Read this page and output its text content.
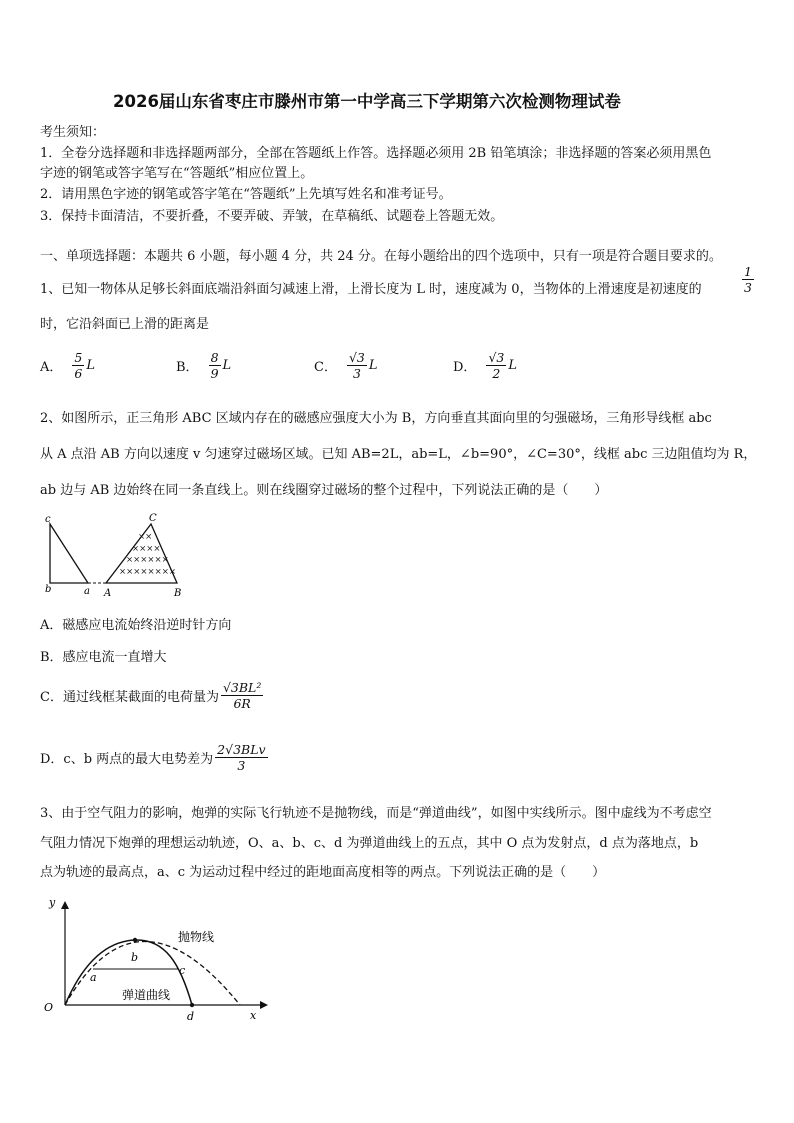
2026届山东省枣庄市滕州市第一中学高三下学期第六次检测物理试卷
考生须知：
1．全卷分选择题和非选择题两部分，全部在答题纸上作答。选择题必须用 2B 铅笔填涂；非选择题的答案必须用黑色
字迹的钢笔或答字笔写在“答题纸”相应位置上。
2．请用黑色字迹的钢笔或答字笔在“答题纸”上先填写姓名和准考证号。
3．保持卡面清洁，不要折叠，不要弄破、弄皱，在草稿纸、试题卷上答题无效。
一、单项选择题：本题共 6 小题，每小题 4 分，共 24 分。在每小题给出的四个选项中，只有一项是符合题目要求的。
1、已知一物体从足够长斜面底端沿斜面匀减速上滑，上滑长度为 L 时，速度减为 0，当物体的上滑速度是初速度的	$\frac{1}{3}$
时，它沿斜面已上滑的距离是
A． $\frac{5}{6}$ L	B． $\frac{8}{9}$ L	C． $\frac{√3}{3}$ L	D． $\frac{√3}{2}$ L
2、如图所示，正三角形 ABC 区域内存在的磁感应强度大小为 B，方向垂直其面向里的匀强磁场，三角形导线框 abc
从 A 点沿 AB 方向以速度 v 匀速穿过磁场区域。已知 AB=2L，ab=L，∠b=90°，∠C=30°，线框 abc 三边阻值均为 R，
ab 边与 AB 边始终在同一条直线上。则在线圈穿过磁场的整个过程中，下列说法正确的是（　　）
××
××××
××××××
××××××××
c
b	a A	B
C
A．磁感应电流始终沿逆时针方向
B．感应电流一直增大
C．通过线框某截面的电荷量为 $\frac{\text{√3BL²}}{6R}$
D．c、b 两点的最大电势差为 $\frac{\text{2√3BLv}}{3}$
3、由于空气阻力的影响，炮弹的实际飞行轨迹不是抛物线，而是“弹道曲线”，如图中实线所示。图中虚线为不考虑空
气阻力情况下炮弹的理想运动轨迹，O、a、b、c、d 为弹道曲线上的五点，其中 O 点为发射点，d 点为落地点，b
点为轨迹的最高点，a、c 为运动过程中经过的距地面高度相等的两点。下列说法正确的是（　　）
y
x
O
a
b
c
d
抛物线
弹道曲线
